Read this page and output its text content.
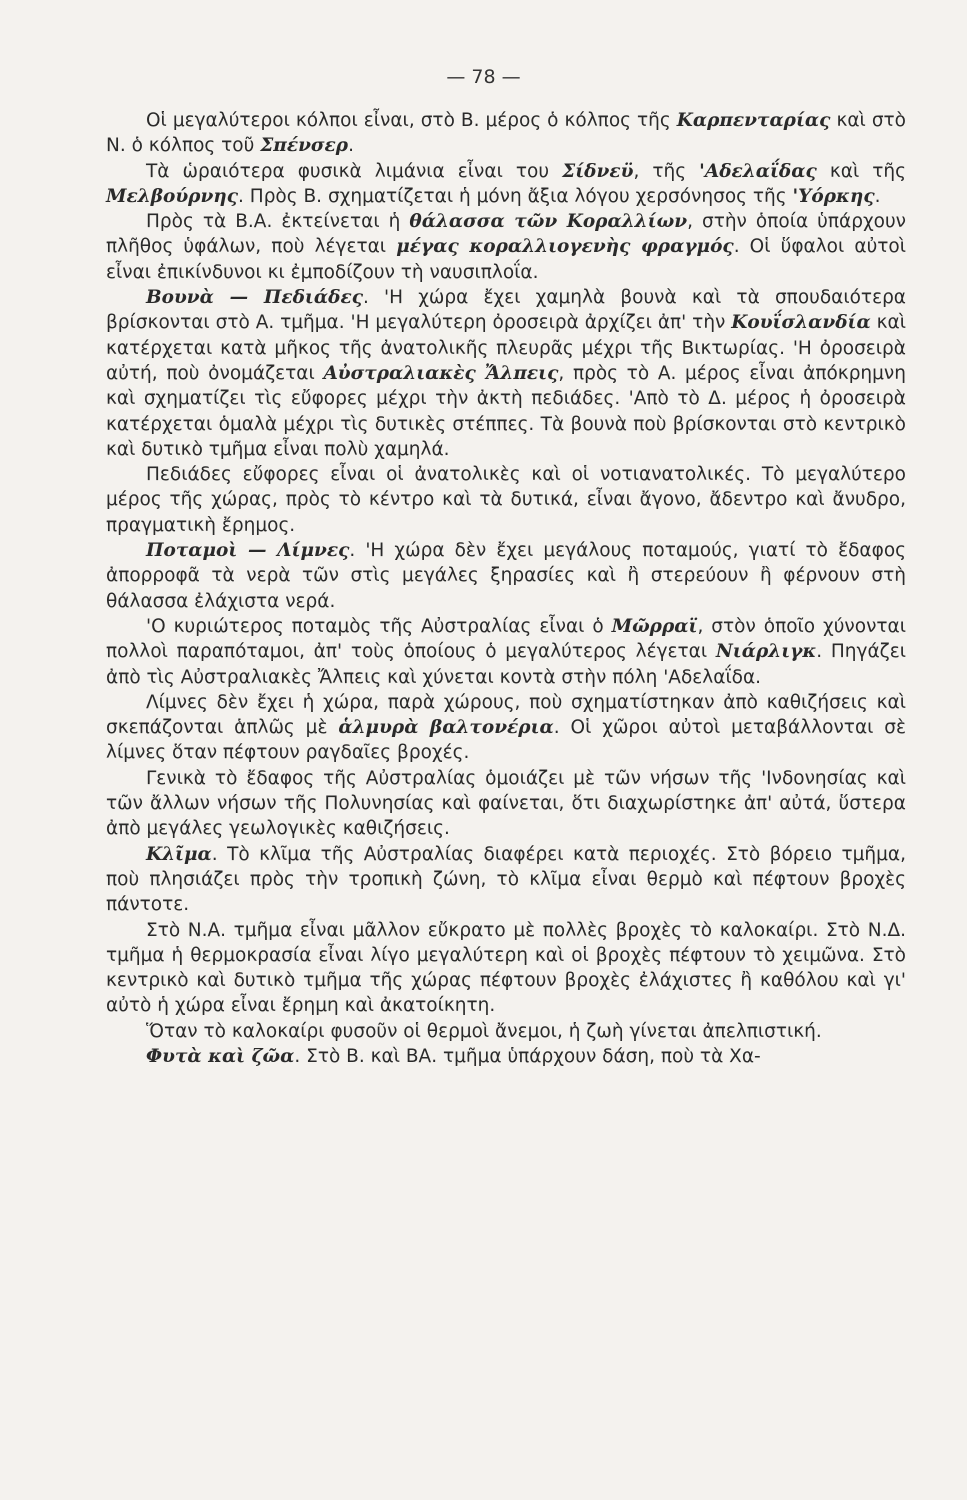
— 78 —

Οἱ μεγαλύτεροι κόλποι εἶναι, στὸ Β. μέρος ὁ κόλπος τῆς Καρπενταρίας καὶ στὸ Ν. ὁ κόλπος τοῦ Σπένσερ.

Τὰ ὡραιότερα φυσικὰ λιμάνια εἶναι του Σίδνεϋ, τῆς 'Αδελαΐδας καὶ τῆς Μελβούρνης. Πρὸς Β. σχηματίζεται ἡ μόνη ἄξια λόγου χερσόνησος τῆς 'Υόρκης.

Πρὸς τὰ Β.Α. ἐκτείνεται ἡ θάλασσα τῶν Κοραλλίων, στὴν ὁποία ὑπάρχουν πλῆθος ὑφάλων, ποὺ λέγεται μέγας κοραλλιογενὴς φραγμός. Οἱ ὕφαλοι αὐτοὶ εἶναι ἐπικίνδυνοι κι ἐμποδίζουν τὴ ναυσιπλοΐα.

Βουνὰ — Πεδιάδες. 'Η χώρα ἔχει χαμηλὰ βουνὰ καὶ τὰ σπουδαιότερα βρίσκονται στὸ Α. τμῆμα. 'Η μεγαλύτερη ὀροσειρὰ ἀρχίζει ἀπ' τὴν Κουΐσλανδία καὶ κατέρχεται κατὰ μῆκος τῆς ἀνατολικῆς πλευρᾶς μέχρι τῆς Βικτωρίας. 'Η ὀροσειρὰ αὐτή, ποὺ ὀνομάζεται Αὐστραλιακὲς Ἄλπεις, πρὸς τὸ Α. μέρος εἶναι ἀπόκρημνη καὶ σχηματίζει τὶς εὔφορες μέχρι τὴν ἀκτὴ πεδιάδες. 'Απὸ τὸ Δ. μέρος ἡ ὀροσειρὰ κατέρχεται ὁμαλὰ μέχρι τὶς δυτικὲς στέππες. Τὰ βουνὰ ποὺ βρίσκονται στὸ κεντρικὸ καὶ δυτικὸ τμῆμα εἶναι πολὺ χαμηλά.

Πεδιάδες εὔφορες εἶναι οἱ ἀνατολικὲς καὶ οἱ νοτιανατολικές. Τὸ μεγαλύτερο μέρος τῆς χώρας, πρὸς τὸ κέντρο καὶ τὰ δυτικά, εἶναι ἄγονο, ἄδεντρο καὶ ἄνυδρο, πραγματικὴ ἔρημος.

Ποταμοὶ — Λίμνες. 'Η χώρα δὲν ἔχει μεγάλους ποταμούς, γιατί τὸ ἔδαφος ἀπορροφᾶ τὰ νερὰ τῶν στὶς μεγάλες ξηρασίες καὶ ἢ στερεύουν ἢ φέρνουν στὴ θάλασσα ἐλάχιστα νερά.

'Ο κυριώτερος ποταμὸς τῆς Αὐστραλίας εἶναι ὁ Μῶρραϊ, στὸν ὁποῖο χύνονται πολλοὶ παραπόταμοι, ἀπ' τοὺς ὁποίους ὁ μεγαλύτερος λέγεται Νιάρλιγκ. Πηγάζει ἀπὸ τὶς Αὐστραλιακὲς Ἄλπεις καὶ χύνεται κοντὰ στὴν πόλη 'Αδελαΐδα.

Λίμνες δὲν ἔχει ἡ χώρα, παρὰ χώρους, ποὺ σχηματίστηκαν ἀπὸ καθιζήσεις καὶ σκεπάζονται ἁπλῶς μὲ ἁλμυρὰ βαλτονέρια. Οἱ χῶροι αὐτοὶ μεταβάλλονται σὲ λίμνες ὅταν πέφτουν ραγδαῖες βροχές.

Γενικὰ τὸ ἔδαφος τῆς Αὐστραλίας ὁμοιάζει μὲ τῶν νήσων τῆς 'Ινδονησίας καὶ τῶν ἄλλων νήσων τῆς Πολυνησίας καὶ φαίνεται, ὅτι διαχωρίστηκε ἀπ' αὐτά, ὕστερα ἀπὸ μεγάλες γεωλογικὲς καθιζήσεις.

Κλῖμα. Τὸ κλῖμα τῆς Αὐστραλίας διαφέρει κατὰ περιοχές. Στὸ βόρειο τμῆμα, ποὺ πλησιάζει πρὸς τὴν τροπικὴ ζώνη, τὸ κλῖμα εἶναι θερμὸ καὶ πέφτουν βροχὲς πάντοτε.

Στὸ Ν.Α. τμῆμα εἶναι μᾶλλον εὔκρατο μὲ πολλὲς βροχὲς τὸ καλοκαίρι. Στὸ Ν.Δ. τμῆμα ἡ θερμοκρασία εἶναι λίγο μεγαλύτερη καὶ οἱ βροχὲς πέφτουν τὸ χειμῶνα. Στὸ κεντρικὸ καὶ δυτικὸ τμῆμα τῆς χώρας πέφτουν βροχὲς ἐλάχιστες ἢ καθόλου καὶ γι' αὐτὸ ἡ χώρα εἶναι ἔρημη καὶ ἀκατοίκητη.

Ὅταν τὸ καλοκαίρι φυσοῦν οἱ θερμοὶ ἄνεμοι, ἡ ζωὴ γίνεται ἀπελπιστική.

Φυτὰ καὶ ζῶα. Στὸ Β. καὶ ΒΑ. τμῆμα ὑπάρχουν δάση, ποὺ τὰ Χα-
